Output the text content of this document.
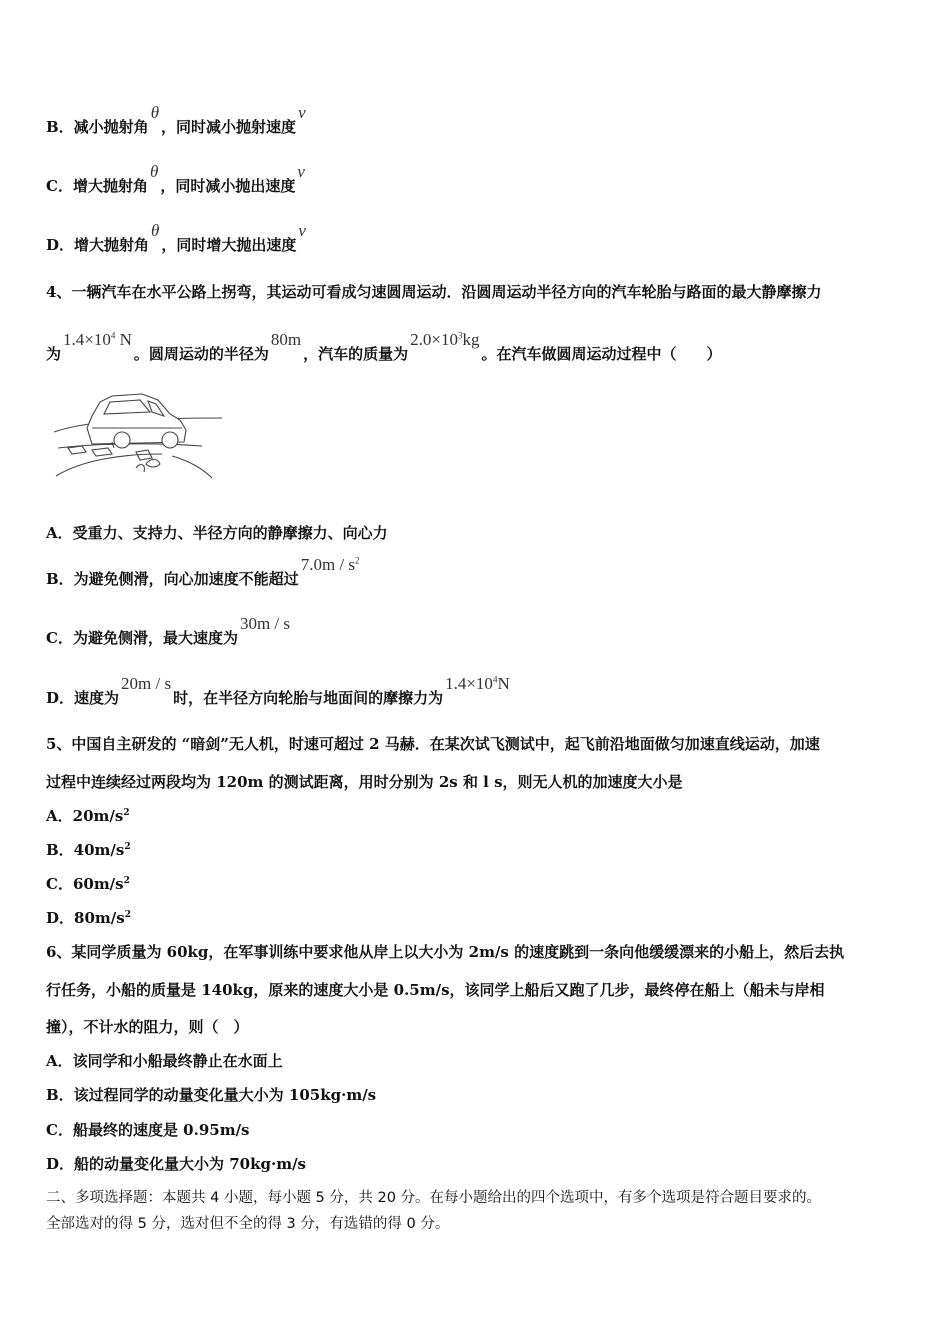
B．减小抛射角θ，同时减小抛射速度v
C．增大抛射角θ，同时减小抛出速度v
D．增大抛射角θ，同时增大抛出速度v
4、一辆汽车在水平公路上拐弯，其运动可看成匀速圆周运动．沿圆周运动半径方向的汽车轮胎与路面的最大静摩擦力
为$1.4\times 10^4$ N。圆周运动的半径为80m，汽车的质量为$2.0\times 10^3kg$。在汽车做圆周运动过程中（　　）
A．受重力、支持力、半径方向的静摩擦力、向心力
B．为避免侧滑，向心加速度不能超过$7.0m / s^2$
C．为避免侧滑，最大速度为30m / s
D．速度为20m / s时，在半径方向轮胎与地面间的摩擦力为$1.4\times 10^4N$
5、中国自主研发的 “暗剑”无人机，时速可超过 2 马赫．在某次试飞测试中，起飞前沿地面做匀加速直线运动，加速
过程中连续经过两段均为 120m 的测试距离，用时分别为 2s 和 l s，则无人机的加速度大小是
A．$20m/s^2$
B．$40m/s^2$
C．$60m/s^2$
D．$80m/s^2$
6、某同学质量为 60kg，在军事训练中要求他从岸上以大小为 2m/s 的速度跳到一条向他缓缓漂来的小船上，然后去执
行任务，小船的质量是 140kg，原来的速度大小是 0.5m/s，该同学上船后又跑了几步，最终停在船上（船未与岸相
撞），不计水的阻力，则（　）
A．该同学和小船最终静止在水面上
B．该过程同学的动量变化量大小为 105kg·m/s
C．船最终的速度是 0.95m/s
D．船的动量变化量大小为 70kg·m/s
二、多项选择题：本题共 4 小题，每小题 5 分，共 20 分。在每小题给出的四个选项中，有多个选项是符合题目要求的。
全部选对的得 5 分，选对但不全的得 3 分，有选错的得 0 分。
